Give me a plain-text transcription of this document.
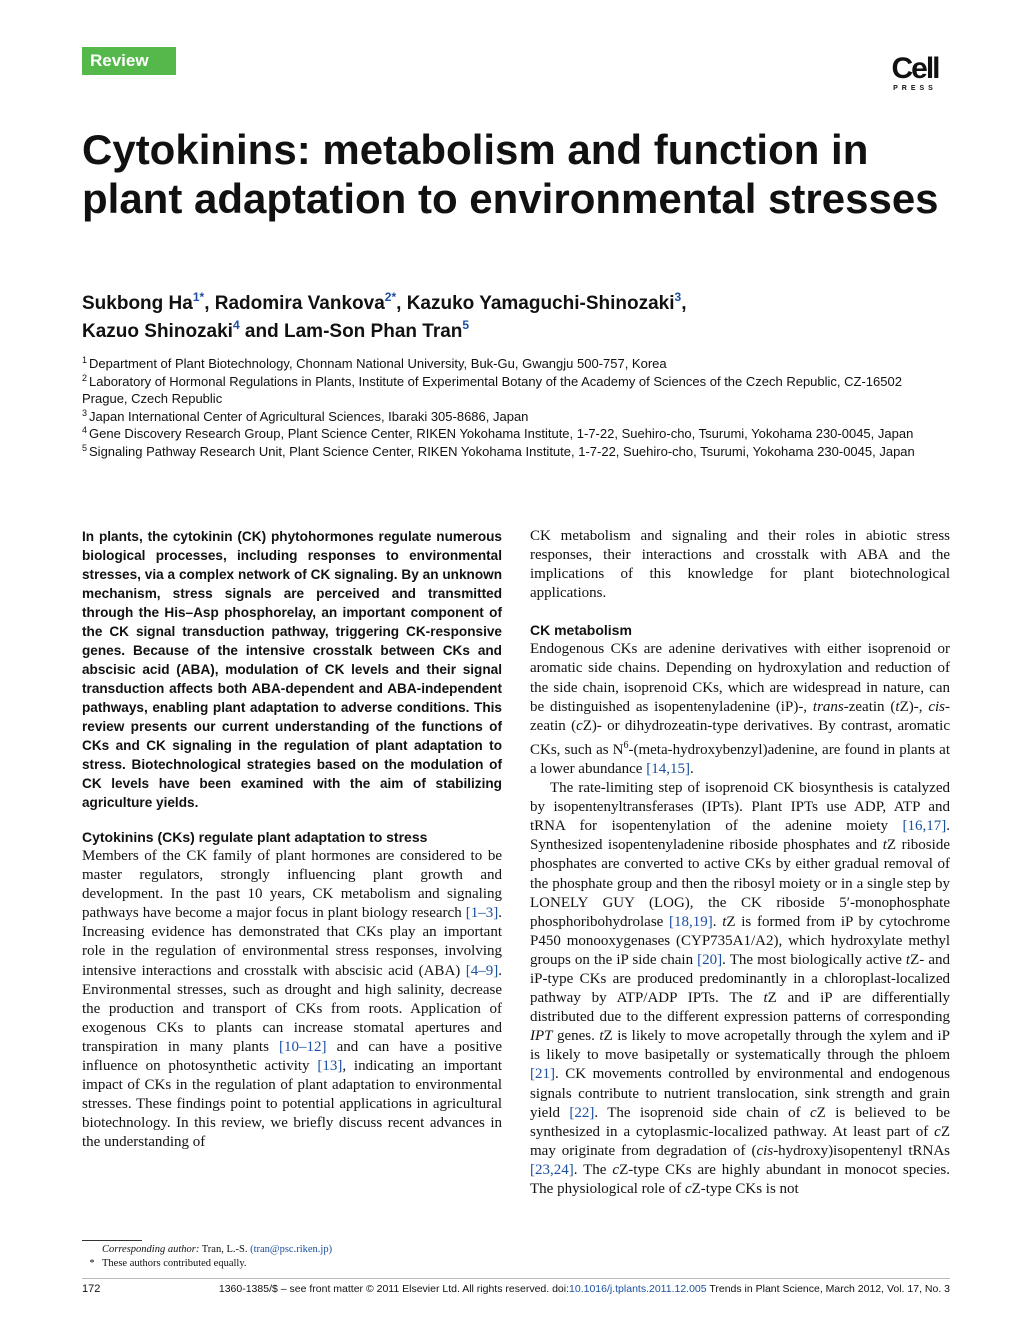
Review	Cell
PRESS
Cytokinins: metabolism and function in plant adaptation to environmental stresses
Sukbong Ha$^{1*}$, Radomira Vankova$^{2*}$, Kazuko Yamaguchi-Shinozaki$^3$,
Kazuo Shinozaki$^4$ and Lam-Son Phan Tran$^5$
$^1$ Department of Plant Biotechnology, Chonnam National University, Buk-Gu, Gwangju 500-757, Korea
$^2$ Laboratory of Hormonal Regulations in Plants, Institute of Experimental Botany of the Academy of Sciences of the Czech Republic, CZ-16502 Prague, Czech Republic
$^3$ Japan International Center of Agricultural Sciences, Ibaraki 305-8686, Japan
$^4$ Gene Discovery Research Group, Plant Science Center, RIKEN Yokohama Institute, 1-7-22, Suehiro-cho, Tsurumi, Yokohama 230-0045, Japan
$^5$ Signaling Pathway Research Unit, Plant Science Center, RIKEN Yokohama Institute, 1-7-22, Suehiro-cho, Tsurumi, Yokohama 230-0045, Japan

In plants, the cytokinin (CK) phytohormones regulate numerous biological processes, including responses to environmental stresses, via a complex network of CK signaling. By an unknown mechanism, stress signals are perceived and transmitted through the His–Asp phosphorelay, an important component of the CK signal transduction pathway, triggering CK-responsive genes. Because of the intensive crosstalk between CKs and abscisic acid (ABA), modulation of CK levels and their signal transduction affects both ABA-dependent and ABA-independent pathways, enabling plant adaptation to adverse conditions. This review presents our current understanding of the functions of CKs and CK signaling in the regulation of plant adaptation to stress. Biotechnological strategies based on the modulation of CK levels have been examined with the aim of stabilizing agriculture yields.

Cytokinins (CKs) regulate plant adaptation to stress

Members of the CK family of plant hormones are considered to be master regulators, strongly influencing plant growth and development. In the past 10 years, CK metabolism and signaling pathways have become a major focus in plant biology research [1–3]. Increasing evidence has demonstrated that CKs play an important role in the regulation of environmental stress responses, involving intensive interactions and crosstalk with abscisic acid (ABA) [4–9]. Environmental stresses, such as drought and high salinity, decrease the production and transport of CKs from roots. Application of exogenous CKs to plants can increase stomatal apertures and transpiration in many plants [10–12] and can have a positive influence on photosynthetic activity [13], indicating an important impact of CKs in the regulation of plant adaptation to environmental stresses. These findings point to potential applications in agricultural biotechnology. In this review, we briefly discuss recent advances in the understanding of

CK metabolism and signaling and their roles in abiotic stress responses, their interactions and crosstalk with ABA and the implications of this knowledge for plant biotechnological applications.

CK metabolism

Endogenous CKs are adenine derivatives with either isoprenoid or aromatic side chains. Depending on hydroxylation and reduction of the side chain, isoprenoid CKs, which are widespread in nature, can be distinguished as isopentenyladenine (iP)-, trans-zeatin (tZ)-, cis-zeatin (cZ)- or dihydrozeatin-type derivatives. By contrast, aromatic CKs, such as $N^6-(meta-hydroxybenzyl)adenine$, are found in plants at a lower abundance [14,15].

The rate-limiting step of isoprenoid CK biosynthesis is catalyzed by isopentenyltransferases (IPTs). Plant IPTs use ADP, ATP and tRNA for isopentenylation of the adenine moiety [16,17]. Synthesized isopentenyladenine riboside phosphates and tZ riboside phosphates are converted to active CKs by either gradual removal of the phosphate group and then the ribosyl moiety or in a single step by LONELY GUY (LOG), the CK riboside 5′-monophosphate phosphoribohydrolase [18,19]. tZ is formed from iP by cytochrome P450 monooxygenases (CYP735A1/A2), which hydroxylate methyl groups on the iP side chain [20]. The most biologically active tZ- and iP-type CKs are produced predominantly in a chloroplast-localized pathway by ATP/ADP IPTs. The tZ and iP are differentially distributed due to the different expression patterns of corresponding IPT genes. tZ is likely to move acropetally through the xylem and iP is likely to move basipetally or systematically through the phloem [21]. CK movements controlled by environmental and endogenous signals contribute to nutrient translocation, sink strength and grain yield [22]. The isoprenoid side chain of cZ is believed to be synthesized in a cytoplasmic-localized pathway. At least part of cZ may originate from degradation of (cis-hydroxy)isopentenyl tRNAs [23,24]. The cZ-type CKs are highly abundant in monocot species. The physiological role of cZ-type CKs is not

Corresponding author: Tran, L.-S. (tran@psc.riken.jp)
* These authors contributed equally.
172	1360-1385/$ – see front matter © 2011 Elsevier Ltd. All rights reserved. doi:10.1016/j.tplants.2011.12.005 Trends in Plant Science, March 2012, Vol. 17, No. 3
